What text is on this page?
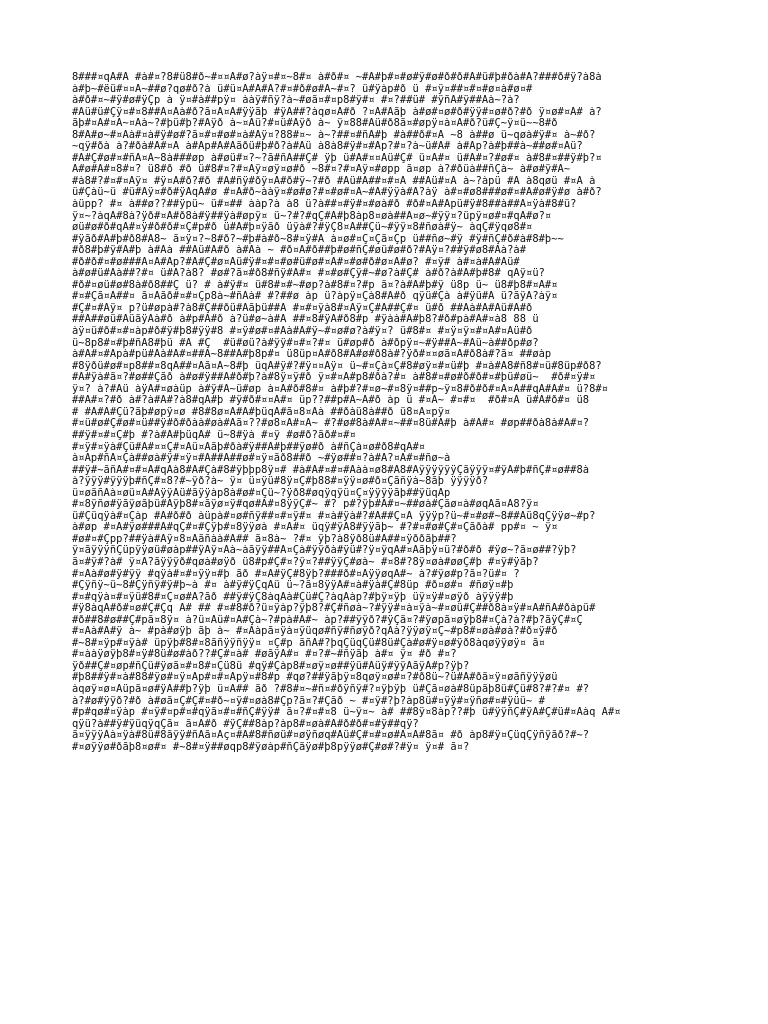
8###¤qÀ#Â #à#¤?8#ü8#ð~#¤¤À#ø?àÿ¤#¤~8#¤ à#ð#¤ ~#À#þ#¤#ø#ÿ#ø#ð#ð#À#ü#þ#ðà#À?###ð#ÿ?à8à
à#þ~#ëü#¤¤À~##ø?qø#ð?à ü#ü¤À#À#À?#¤#ð#ø#À~#¤? ü#ÿàp#ð ü #¤ÿ¤##¤#¤#ø¤à#ø¤#
à#ð#¤~#ÿ#ø#ÿÇp à ÿ¤#à##pÿ¤ ààÿ#ñÿ?à~#øã¤#¤p8#ÿ#¤ #¤?##ü# #ÿñÀ#ÿ##Àà~?à?
#Àü#ü#Çÿ¤#¤8##À¤Àà#ð?ã¤À¤À#ÿÿãþ #ÿÀ##?àqø¤À#ð ?¤À#Àãþ à#ø#¤ø#ð#ÿÿ#¤ø#ð?#ð ÿ¤ø#¤À# à?
ãþ#¤À#¤À~¤Àà~?#þü#þ?#Àÿð à~¤Àü?#¤ü#Àÿð à~ ÿ¤88#Àü#ð8ã¤#øpÿ¤à¤À#ð?ü#Ç~ÿ¤ü~~8#ð
8#À#ø~#¤Àà#¤à#ÿ#ø#?ã¤#¤#ø#¤à#Àÿ¤?88#¤~ à~?##¤#ñÀ#þ #à##ð#¤À ~8 à##ø ü~qøà#ÿ#¤ à~#ð?
~qÿ#ðà à?#ðà#À#¤À à#Àp#À#Àãðü#þ#ð?à#Àü à8à8#ÿ#¤#Àp?#¤?à~ü#À# à#Àp?à#þ##à~##ø#¤Àü?
#À#Ç#ø#¤#ñÀ¤À~8à###øp à#øü#¤?~?ã#ñÀ##Ç# ÿþ ü#À#¤¤Àü#Ç# ü¤À#¤ ü#À#¤?#ø#¤ à#8#¤##ÿ#þ?¤
À#ø#À#¤8#¤? ü8#ð #ð ü#8#¤?#¤Àÿ¤øÿ¤ø#ð ~8#¤?#¤Àÿ¤#øpp ã¤øp à?#ðüà##ñÇà~ à#ø#ÿ#À~
#à8#?#¤#¤Àÿ¤ #ÿ¤À#ð?#ð #À#ñÿ#ðÿ¤À#ð#ÿ~?#ð #Àü#À##¤#¤À ##Àü#¤À à~?àpü #À à8qøü #¤À à
ü#Çàü~ü #ü#Àÿ¤#ð#ÿÀqÀ#ø #¤À#ð~ààÿ¤#ø#ø?#¤#ø#¤À~#À#ÿÿà#À?àÿ à#¤#ø8###ø#¤#À#ø#ÿ#ø à#ð?
àüpp? #¤ à##ø??##ÿpü~ ü#¤## ààp?à à8 ü?à##¤#ÿ#¤#øà#ð #ð#¤À#Àpü#ÿ#8##à##À¤ÿà#8#ü?
ÿ¤~?àqÀ#8à?ÿð#¤À#ð8à#ÿ##ÿà#øpÿ¤ ü~?#?#qÇ#À#þ8àp8¤øà##À¤ø~#ÿÿ¤?üpÿ¤ø#¤#qÀ#ø?¤
øü#ø#ð#qÀ#¤ÿ#ð#ð#¤Ç#p#ð ü#À#þ¤ÿãð üÿà#?#ÿÇ8¤À##Çü~#ÿÿ¤8#ñøà#ÿ~ àqÇ#ÿqø8#¤
#ÿãð#À#þ#ð8#À8~ ã¤ÿ¤?~8#ð?~#þ#à#ð~8#¤ÿ#À à¤ø#¤Ç¤Çã¤Çp ü##ñø~#ÿ #ÿ#ñÇ#ð#à#8#þ~~
#ð8#þ#ÿ#À#þ à#Àà ##Àü#À#ð à#Àà ~ #ð¤À#ð##þ#ø#ñÇ#øü#ø#ð?#Àÿ¤?##ÿ#ø8#Àà?à#
#ð#ð#¤#ø###À¤À#Àp?#À#Ç#ø¤Àü#ÿ#¤#¤#ø#ü#ø#¤À#¤#ø#ð#ø¤À#ø? #¤ÿ# à#¤à#À#Àü#
à#ø#ü#Àà##?#¤ ü#À?à8? #ø#?ã¤#ð8#ñÿ#À#¤ #¤#ø#Çÿ#~#ø?à#Ç# à#ð?à#À#þ#8# qÀÿ¤ü?
#ð#¤øü#ø#8à#ð8##Ç ü? # à#ÿ#¤ ü#8#¤#~#øp?à#8#¤?#p ã¤?à#À#þ#ÿ ü8p ü~ ü8#þ8#¤À#¤
#¤#Çã¤À##¤ ã¤Àãð#¤#¤Çp8à~#ñÀà# #?##ø àp ü?àpÿ¤Çà8#À#ð qÿü#Çà à#ÿü#À ü?ãÿÀ?àÿ¤
#Ç#¤#Àÿ¤ p?ü#øpà#?à8#Ç##ðü#Àãþü##À #¤#¤ÿà8#¤Àÿ¤Ç#À##Ç#¤ ü#ð ##Àà#À#Àü#À#ð
##À##øü#ÀüãÿÀà#ð à#p#À#ð à?ü#ø~à#À ##¤8#ÿÀ#ð8#p #ÿàà#À#þ8?#ð#pà#À#¤à8 88 ü
àÿ¤ü#ð#¤#¤àp#ð#ÿ#þ8#ÿÿ#8 #¤ÿ#ø#¤#Àà#À#ÿ~#¤ø#ø?à#ÿ¤? ü#8#¤ #¤ÿ¤ÿ¤#¤À#¤Àü#ð
ü~8p8#¤#þ#ñÀ8#þü #À #Ç  #ü#øü?à#ÿÿ#¤#¤?#¤ ü#øp#ð à#ðpÿ¤~#ÿ##À~#Àü~à##ðp#ø?
à#À#¤#Àpà#pü#Àà#À#¤##À~8##À#þ8p#¤ ü8üp¤À#ð8#À#ø#ð8à#?ÿð#¤¤øã¤À#ð8à#?ã¤ ##øàp
#8ÿðü#ø#¤p8##¤8qÀ##¤Àã¤À~8#þ üqÀ#ÿ#?#ÿ¤¤Àÿ¤ ü~#¤Çà¤Ç#8#øÿ¤#¤ü#þ #¤à#À8#ñ8#¤ü#8üp#ð8?
#À#ÿà#ã¤?#ø##Çãð à#ø#ÿ##À#ð#þ?à#8ÿ¤ÿ#ð ÿ¤#¤À#p8#ðà?#¤ à#8#¤#ø#ð#ð#¤#þü#øü~  #ð#¤ÿ#¤
ÿ¤? à?#Àü àÿÀ#¤øàüp à#ÿ#À~ü#øp à¤À#ð#8#¤ à#þ#?#¤ø~#¤8ÿ¤##p~ÿ¤8#ð#ð#¤À¤À##qÀ#À#¤ ü?8#¤
##À#¤?#ð à#?à#À#?à8#qÀ#þ #ÿ#ð#¤¤À#¤ üp??##p#À~À#ð àp ü #¤À~ #¤#¤  #ð#¤À ü#À#ð#¤ ü8
# #À#À#Çü?ãþ#øpÿ¤ø #8#8ø¤À#À#þüqÀ#ã¤8¤Àà ##ðàü8à##ð ü8¤À¤pÿ¤
#¤ü#ø#Ç#ø#¤ü##ÿ#ð#ðàà#øà#Àã¤??#ø8¤À#¤À~ #?#ø#8à#À#¤~##¤8ü#À#þ à#À#¤ #øp##ðà8à#À#¤?
##ÿ#¤#¤Ç#þ #?à#À#þüqÀ# ü~8#ÿà #¤ÿ #ø#ð?ãð#¤#¤
#¤ÿ#¤ÿà#Çü#À#¤¤Ç#¤Àü¤Àãþ#ðà#ÿ##À#þ##ÿø#ð à#ñÇà¤ø#ð8#qÀ#¤
à¤Àp#ñÀ¤Çà##øà#ÿ#¤ÿ¤#À##À##ø#¤ÿ¤ãð8##ð ~#ÿø##¤?à#À?¤À#¤#ñø~à
##ÿ#~ãñÀ#¤#¤À#qÀà8#À#Çà#8#ÿþþp8ÿ¤# #à#À#¤#¤#Ààà¤ø8#À8#ÀÿÿÿÿÿÿÇãÿÿÿ¤#ÿÀ#þ#ñÇ#¤ø##8à
à?ÿÿÿ#ÿÿÿþ#ñÇ#¤8?#~ÿð?à~ ÿ¤ ü¤ÿü#8ÿ¤Ç#þ88#¤ÿÿ¤ø#ð¤Çãñÿà~8ãþ ÿÿÿÿð?
ü¤øãñÀà¤øü¤À#ÀÿÿÀü#ãÿÿàp8à#ø#¤Çü~?ÿð8#øqÿqÿü¤Ç¤ÿÿÿÿãþ##ÿüqÀp
#¤8ÿñø#ÿãÿøãþü#Àÿþ8#¤ãÿø¤ÿ#qø#À#¤8ÿÿÇ#~ #? p#?ÿþ#À#¤~##øà#Çãø¤à#øqÀã¤À8?ÿ¤
ü#Çüqÿà#¤Çàp #À#ð#ð àüpà#¤ø#ñÿ##¤#¤ÿ#¤ #¤à#ÿà#?#À##Ç¤À ÿÿÿp?ü~#¤#ø#~8##Àü8qÇÿÿø~#p?
à#øp #¤À#ÿø###À#qÇ#¤#Çÿþ#¤8ÿÿøà #¤À#¤ üqÿ#ÿÀ8#ÿÿãþ~ #?#¤#ø#Ç#¤Çãðà# pp#¤ ~ ÿ¤
#ø#¤#Çpp?##ÿà#Àÿ¤8¤Àãñàà#À## ã¤8à~ ?#¤ ÿþ?à8ÿð8ü#À##¤ÿððãþ##?
ÿ¤ãÿÿÿñÇüpÿÿøü#øàp##ÿÀÿ¤Àà~àãÿÿ##À¤Çà#ÿÿðà#ÿü#?ÿ¤ÿqÀ#¤Àãþÿ¤ü?#ð#ð #ÿø~?ã¤ø##?ÿþ?
ã¤#ÿ#?à# ÿ¤À?ãÿÿÿð#qøà#øÿð ü8#p#Ç#¤?ÿ¤?##ÿÿÇ#øà~ #¤8#?8ÿ¤øà#øøÇ#þ #¤ÿ#ÿãþ?
#¤Àà#ø#ÿ#ÿÿ #qÿà#¤#¤ÿÿ¤#þ ãð #¤À#ÿÇ#8ÿþ?###ð#¤ÀÿÿøqÀ#~ à?#ÿø#p?ã¤?ü#¤ ?
#Çÿñÿ~ü~8#Çÿñÿ#ÿ#þ~à #¤ à#ÿ#ÿÇqÀü ü~?ã¤8ÿÿÀ#¤à#ÿà#Ç#8üp #ð¤ø#¤ #ñøÿ¤#þ
#¤#qÿà¤#¤ÿü#8#¤Ç¤ø#À?ãð ##ÿ#ÿÇ8àqÀà#Çü#Ç?àqÀàp?#þÿ¤ÿþ üÿ¤ÿ#¤øÿð àÿÿÿ#þ
#ÿ8àqÀ#ð#¤ø#Ç#Çq À# ## #¤#8#ð?ü¤ÿàp?ÿþ8?#Ç#ñøà~?#ÿÿ#¤à¤ÿà~#¤øü#Ç##ð8à¤ÿ#¤À#ñÀ#ðàpü#
#ð##8#ø##Ç#pã¤8ÿ¤ à?ü¤Àü#¤À#Çà~?#pà#À#~ àp?##ÿÿð?#ÿÇã¤?#ÿøpã¤øÿþ8#¤Çà?à?#þ?ãÿÇ#¤Ç
#¤Àà#À#ÿ à~ #pà#øÿþ ãþ à~ #¤Ààpã¤ÿà¤ÿüqø#ñÿ#ñøÿð?qÀà?ÿÿøÿ¤Ç~#p8#¤øà#øà?#ð¤ÿ#ð
#~8#¤ÿp#¤ÿà# üpÿþ#8#¤8ãñÿÿñÿÿ¤ ¤Ç#p ãñÀ#?þqÇüqÇü#8ü#Çà#ø#ÿ¤ø#ÿð8àqøÿÿøÿ¤ ã¤
#¤ààÿøÿþ8#¤ÿ#8ü#ø#àð??#Ç#¤à# #øãÿÀ#¤ #¤?#~#ñÿãþ à#¤ ÿ¤ #ð #¤?
ÿð##Ç#¤øp#ñÇü#ÿøã¤#¤8#¤Çü8ü #qÿ#Çàp8#¤øÿ¤ø##ÿü#Àüÿ#ÿÿÀãÿÀ#p?ÿþ?
#þ8##ÿ#¤à#88#ÿø#¤ÿ¤Àp#¤#¤Àpÿ¤#8#p #qø?##ÿãþÿ¤8qøÿ¤ø#¤?#ð8ü~?ü#À#ðã¤ÿ¤øãñÿÿÿøü
àqøÿ¤ø¤Àüpã¤ø#ÿÀ##þ?ÿþ ü¤À## ãð ?#8#¤~#ñ¤#ðÿñÿ#?¤ÿþÿþ ü#Çã¤øà#8üpãþ8ü#Çü#8?#?#¤ #?
à?#ø#ÿÿð?#ð à#øã¤Ç#Ç#¤#ð~¤ÿ#¤øà8#Çp?ã¤?#Çãð ~ #¤ÿ#?þ?àp8ü#¤ÿÿ#¤ÿñø#¤#ÿüü~ #
#p#qø#¤ÿàp #¤ÿ#¤p#¤#qÿã¤#¤#ñÇ#ÿÿ# ã¤?#¤#¤8 ü~ÿ¤~ à# ##8ÿ¤8àp??#þ ü#ÿÿñÇ#ÿÀ#Ç#ü#¤Ààq À#¤
qÿü?à##ÿ#ÿüqÿqÇã¤ ã¤À#ð #ÿÇ##8àp?àp8#¤øà#À#ð#ð#¤#ÿ##qÿ?
ã¤ÿÿÿÀà¤ÿà#8ü#8ãÿÿ#ñÀã¤Àç¤#À#8#ñøü#¤øÿñøq#Àü#Ç#¤#¤ø#À¤À#8ã¤ #ð àp8#ÿ¤ÇüqÇÿñÿãð?#~?
#¤øÿÿø#ðãþ8¤ø#¤ #~8#¤ÿ##øqp8#ÿøàp#ñÇãÿø#þ8pÿÿø#Ç#ø#?#ÿ¤ ÿ¤# ã¤?
